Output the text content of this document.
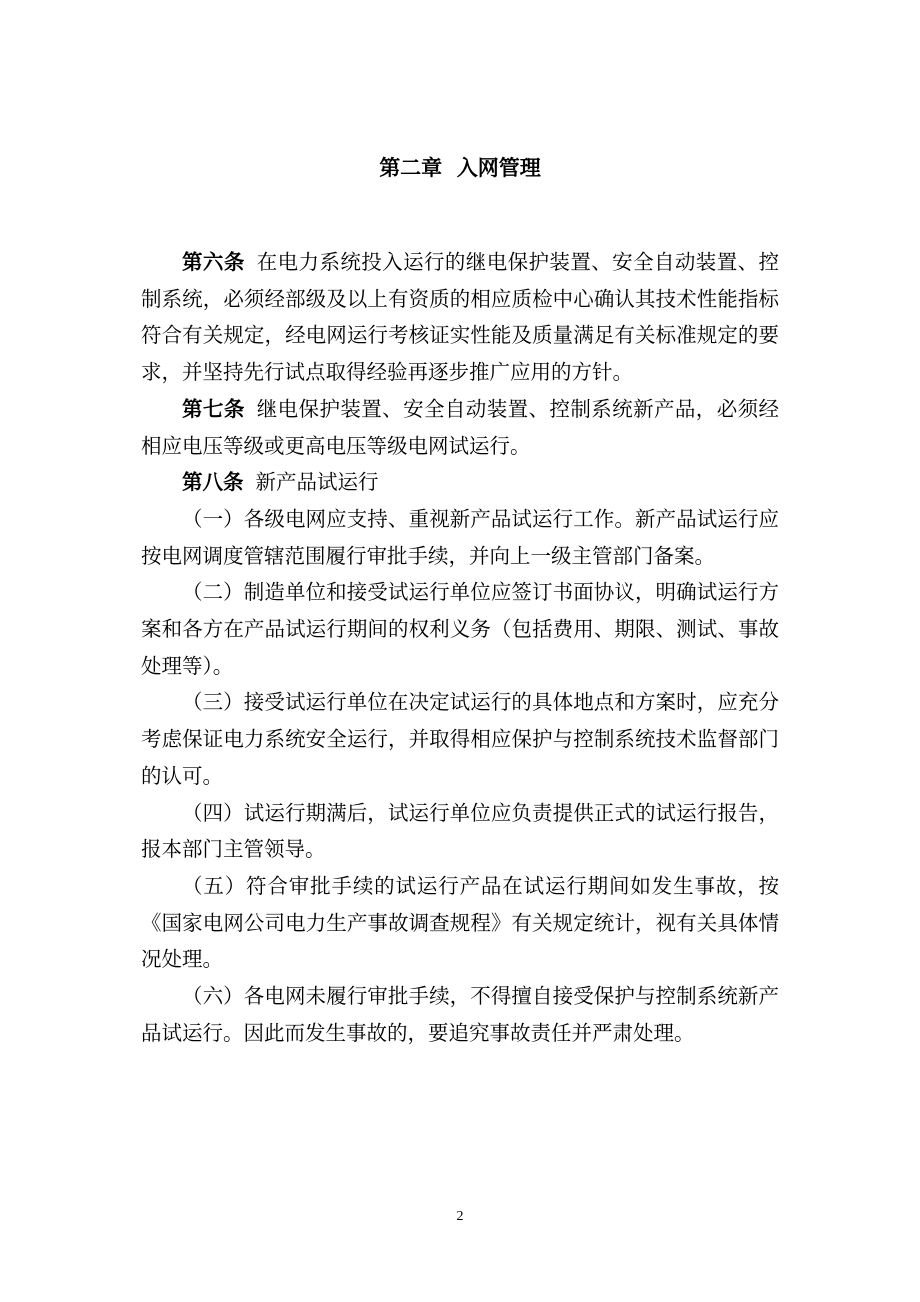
第二章  入网管理

第六条 在电力系统投入运行的继电保护装置、安全自动装置、控制系统，必须经部级及以上有资质的相应质检中心确认其技术性能指标符合有关规定，经电网运行考核证实性能及质量满足有关标准规定的要求，并坚持先行试点取得经验再逐步推广应用的方针。

第七条 继电保护装置、安全自动装置、控制系统新产品，必须经相应电压等级或更高电压等级电网试运行。

第八条 新产品试运行

（一）各级电网应支持、重视新产品试运行工作。新产品试运行应按电网调度管辖范围履行审批手续，并向上一级主管部门备案。

（二）制造单位和接受试运行单位应签订书面协议，明确试运行方案和各方在产品试运行期间的权利义务（包括费用、期限、测试、事故处理等）。

（三）接受试运行单位在决定试运行的具体地点和方案时，应充分考虑保证电力系统安全运行，并取得相应保护与控制系统技术监督部门的认可。

（四）试运行期满后，试运行单位应负责提供正式的试运行报告，报本部门主管领导。

（五）符合审批手续的试运行产品在试运行期间如发生事故，按《国家电网公司电力生产事故调查规程》有关规定统计，视有关具体情况处理。

（六）各电网未履行审批手续，不得擅自接受保护与控制系统新产品试运行。因此而发生事故的，要追究事故责任并严肃处理。

2
